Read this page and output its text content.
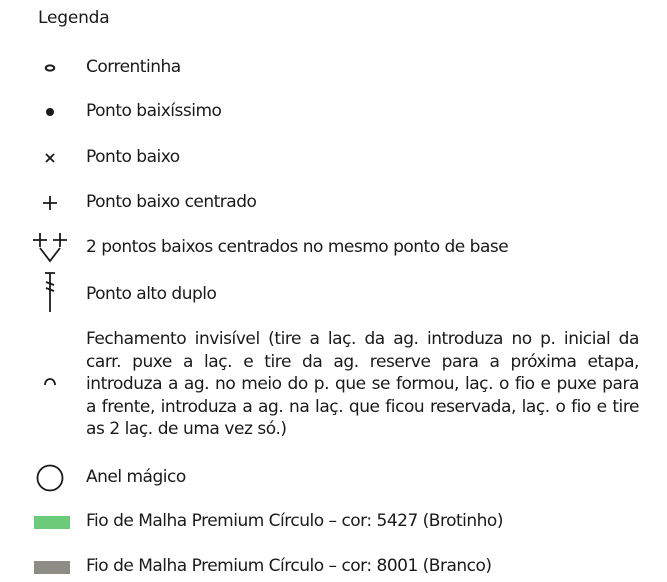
Legenda
Correntinha
Ponto baixíssimo
Ponto baixo
Ponto baixo centrado
2 pontos baixos centrados no mesmo ponto de base
Ponto alto duplo
Fechamento invisível (tire a laç. da ag. introduza no p. inicial da carr. puxe a laç. e tire da ag. reserve para a próxima etapa, introduza a ag. no meio do p. que se formou, laç. o fio e puxe para a frente, introduza a ag. na laç. que ficou reservada, laç. o fio e tire as 2 laç. de uma vez só.)
Anel mágico
Fio de Malha Premium Círculo – cor: 5427 (Brotinho)
Fio de Malha Premium Círculo – cor: 8001 (Branco)
